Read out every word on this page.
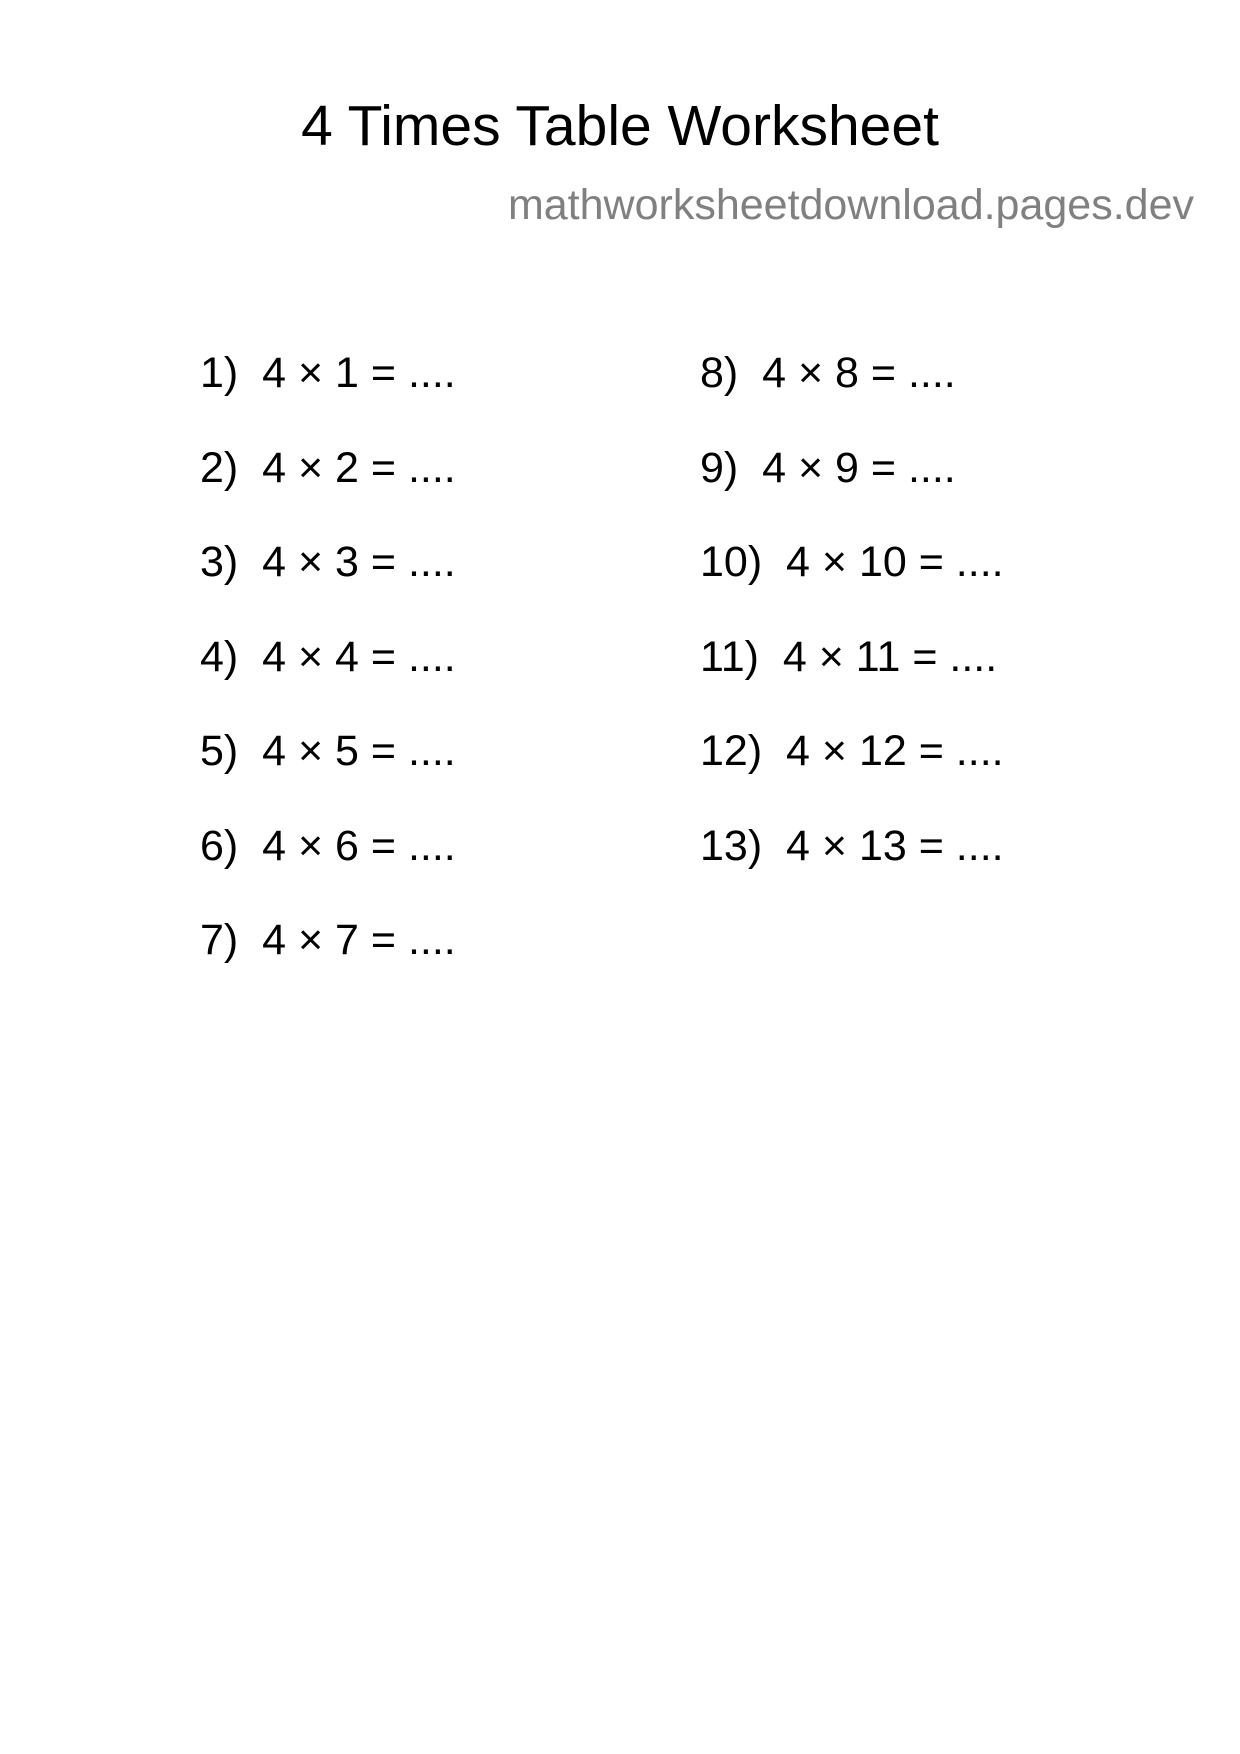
4 Times Table Worksheet
mathworksheetdownload.pages.dev
1)  4 × 1 = ....
2)  4 × 2 = ....
3)  4 × 3 = ....
4)  4 × 4 = ....
5)  4 × 5 = ....
6)  4 × 6 = ....
7)  4 × 7 = ....
8)  4 × 8 = ....
9)  4 × 9 = ....
10)  4 × 10 = ....
11)  4 × 11 = ....
12)  4 × 12 = ....
13)  4 × 13 = ....
